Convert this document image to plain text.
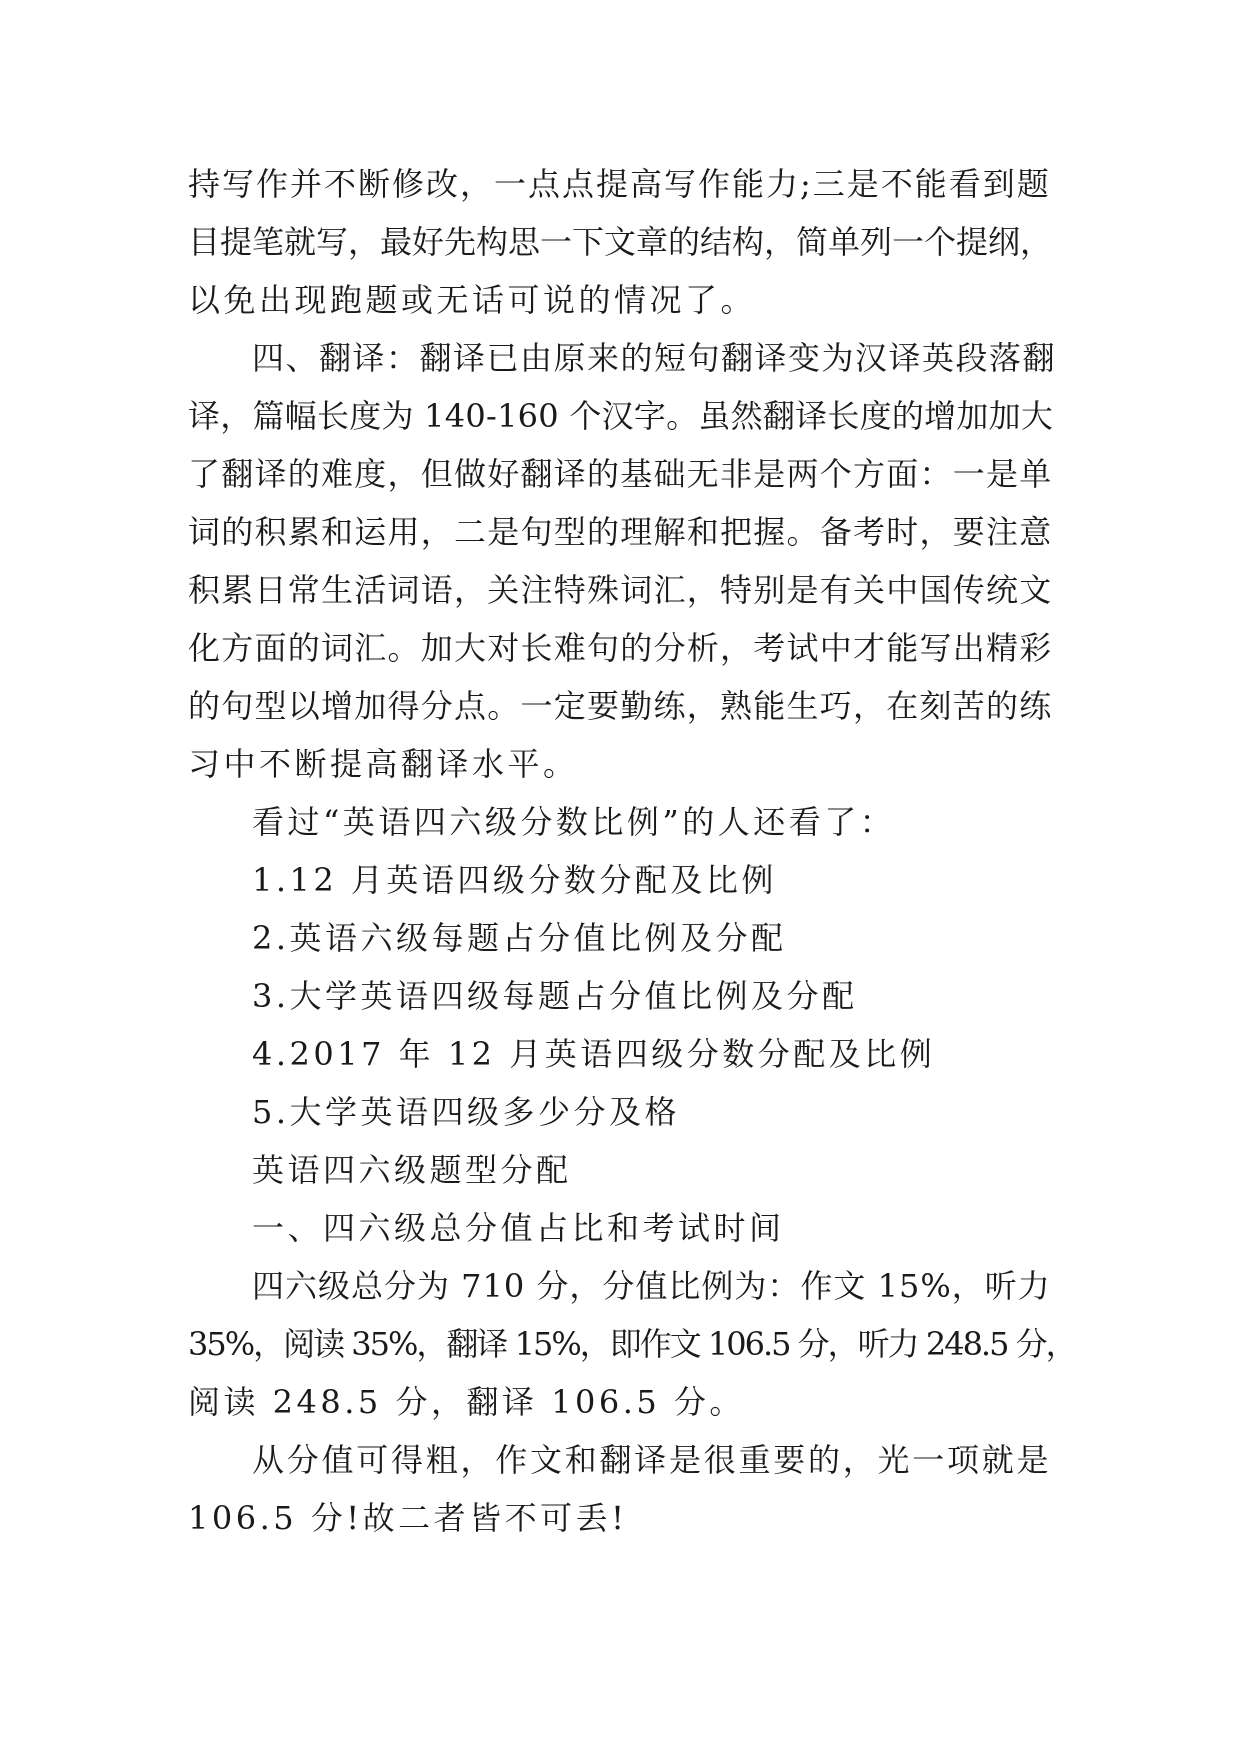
持写作并不断修改，一点点提高写作能力;三是不能看到题
目提笔就写，最好先构思一下文章的结构，简单列一个提纲，
以免出现跑题或无话可说的情况了。
四、翻译：翻译已由原来的短句翻译变为汉译英段落翻
译，篇幅长度为 140-160 个汉字。虽然翻译长度的增加加大
了翻译的难度，但做好翻译的基础无非是两个方面：一是单
词的积累和运用，二是句型的理解和把握。备考时，要注意
积累日常生活词语，关注特殊词汇，特别是有关中国传统文
化方面的词汇。加大对长难句的分析，考试中才能写出精彩
的句型以增加得分点。一定要勤练，熟能生巧，在刻苦的练
习中不断提高翻译水平。
看过“英语四六级分数比例”的人还看了：
1.12 月英语四级分数分配及比例
2.英语六级每题占分值比例及分配
3.大学英语四级每题占分值比例及分配
4.2017 年 12 月英语四级分数分配及比例
5.大学英语四级多少分及格
英语四六级题型分配
一、四六级总分值占比和考试时间
四六级总分为 710 分，分值比例为：作文 15%，听力
35%，阅读 35%，翻译 15%，即作文 106.5 分，听力 248.5 分，
阅读 248.5 分，翻译 106.5 分。
从分值可得粗，作文和翻译是很重要的，光一项就是
106.5 分!故二者皆不可丢!
